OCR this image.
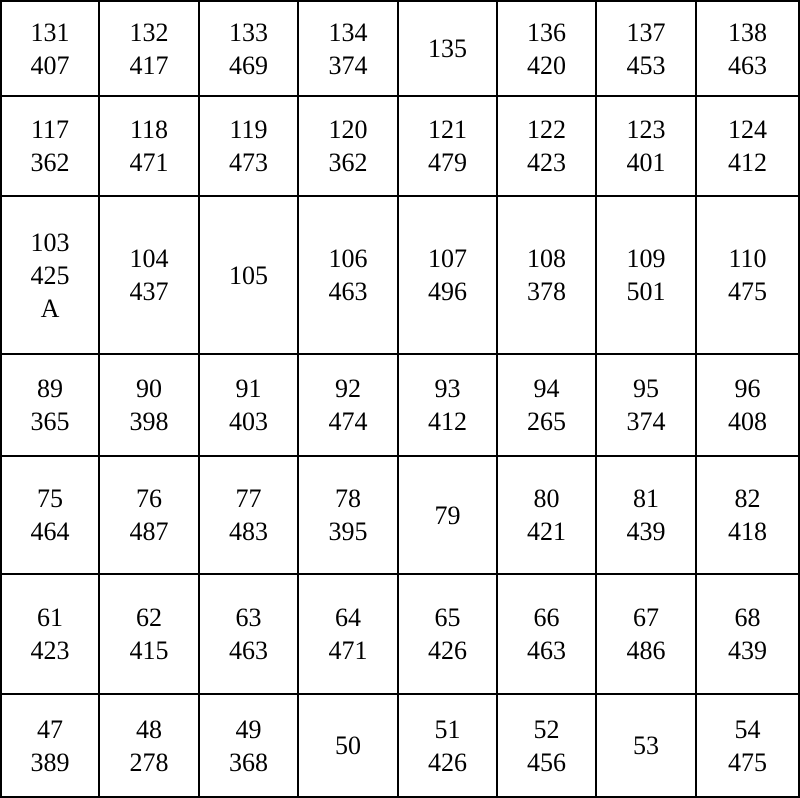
131
407
132
417
133
469
134
374
135
136
420
137
453
138
463
117
362
118
471
119
473
120
362
121
479
122
423
123
401
124
412
103
425
A
104
437
105
106
463
107
496
108
378
109
501
110
475
89
365
90
398
91
403
92
474
93
412
94
265
95
374
96
408
75
464
76
487
77
483
78
395
79
80
421
81
439
82
418
61
423
62
415
63
463
64
471
65
426
66
463
67
486
68
439
47
389
48
278
49
368
50
51
426
52
456
53
54
475
